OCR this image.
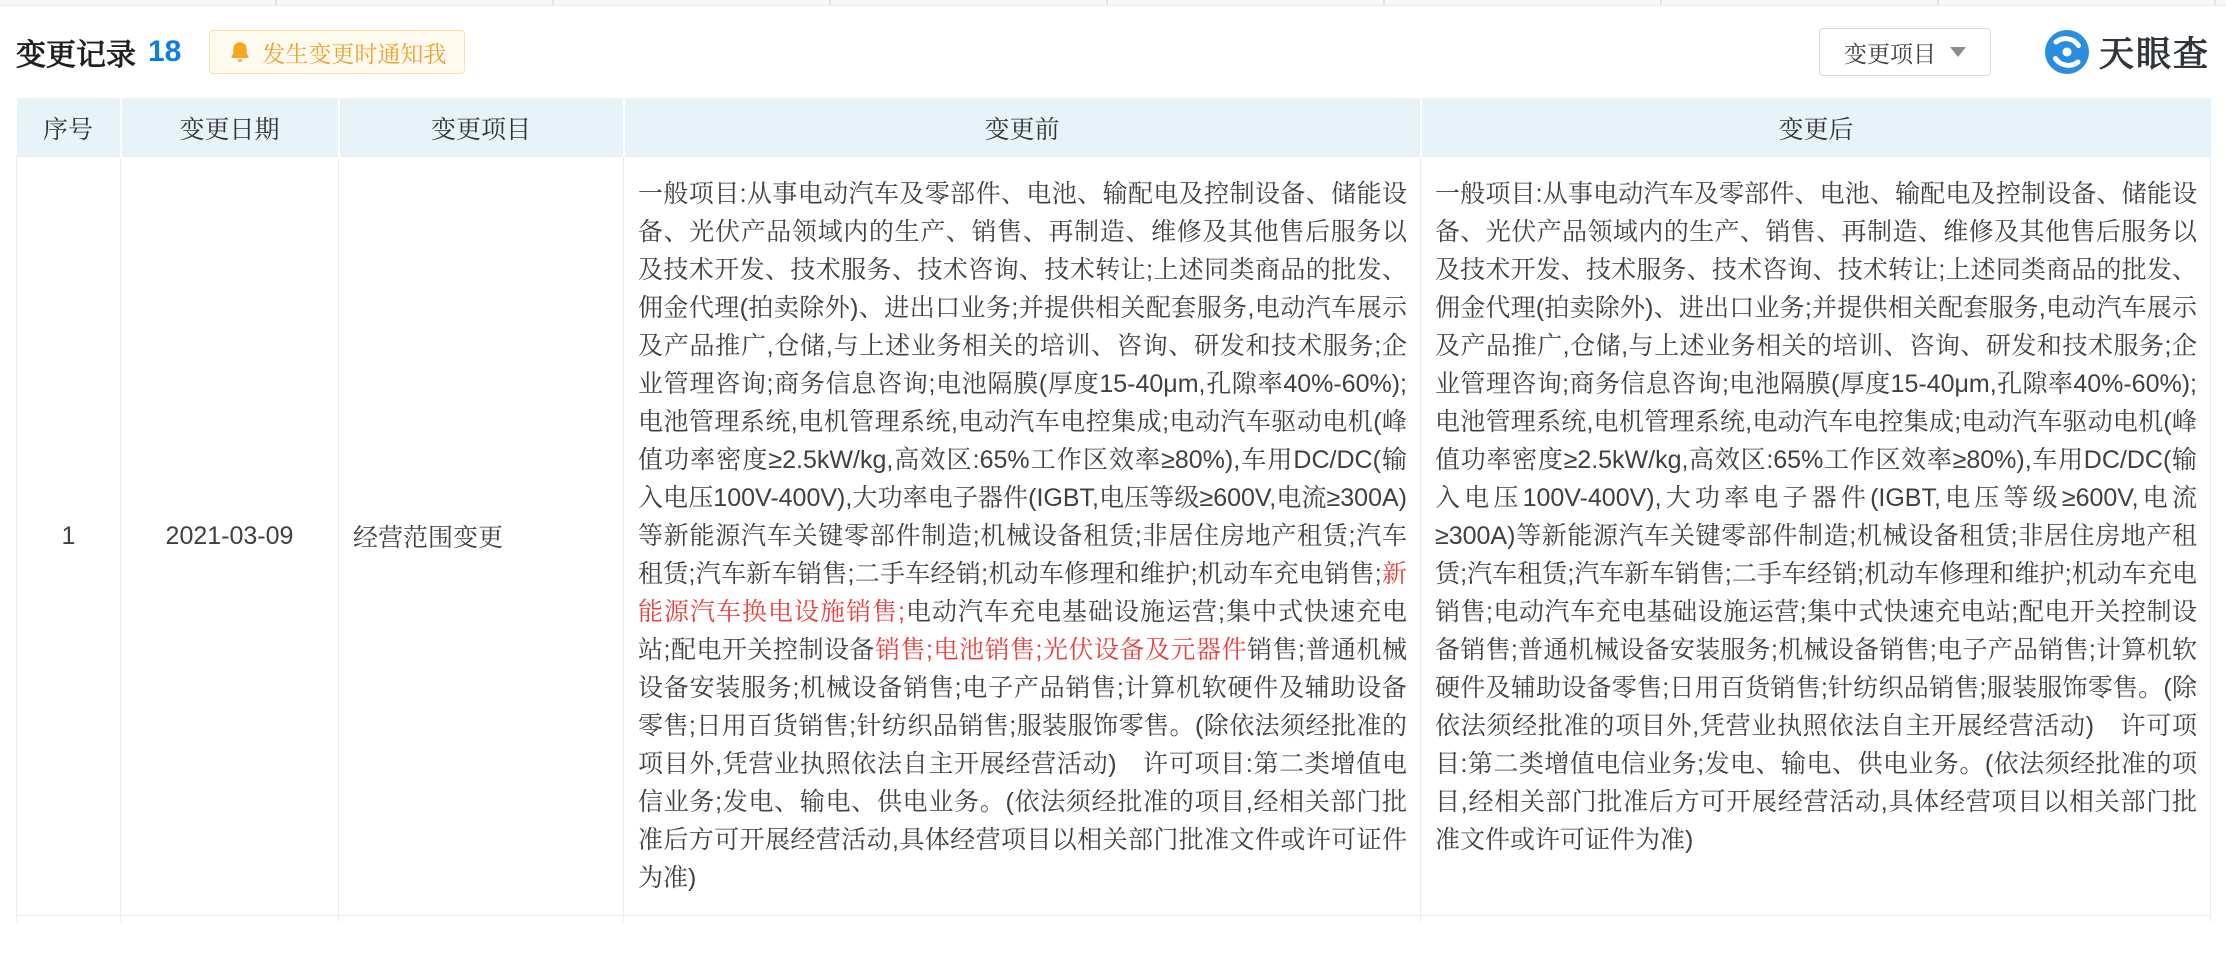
变更记录 18	发生变更时通知我	变更项目	天眼查
序号	变更日期	变更项目	变更前	变更后
1	2021-03-09	经营范围变更	一般项目:从事电动汽车及零部件、电池、输配电及控制设备、储能设备、光伏产品领域内的生产、销售、再制造、维修及其他售后服务以及技术开发、技术服务、技术咨询、技术转让;上述同类商品的批发、佣金代理(拍卖除外)、进出口业务;并提供相关配套服务,电动汽车展示及产品推广,仓储,与上述业务相关的培训、咨询、研发和技术服务;企业管理咨询;商务信息咨询;电池隔膜(厚度15-40μm,孔隙率40%-60%);电池管理系统,电机管理系统,电动汽车电控集成;电动汽车驱动电机(峰值功率密度≥2.5kW/kg,高效区:65%工作区效率≥80%),车用DC/DC(输入电压100V-400V),大功率电子器件(IGBT,电压等级≥600V,电流≥300A)等新能源汽车关键零部件制造;机械设备租赁;非居住房地产租赁;汽车租赁;汽车新车销售;二手车经销;机动车修理和维护;机动车充电销售;新能源汽车换电设施销售;电动汽车充电基础设施运营;集中式快速充电站;配电开关控制设备销售;电池销售;光伏设备及元器件销售;普通机械设备安装服务;机械设备销售;电子产品销售;计算机软硬件及辅助设备零售;日用百货销售;针纺织品销售;服装服饰零售。(除依法须经批准的项目外,凭营业执照依法自主开展经营活动)　许可项目:第二类增值电信业务;发电、输电、供电业务。(依法须经批准的项目,经相关部门批准后方可开展经营活动,具体经营项目以相关部门批准文件或许可证件为准)	一般项目:从事电动汽车及零部件、电池、输配电及控制设备、储能设备、光伏产品领域内的生产、销售、再制造、维修及其他售后服务以及技术开发、技术服务、技术咨询、技术转让;上述同类商品的批发、佣金代理(拍卖除外)、进出口业务;并提供相关配套服务,电动汽车展示及产品推广,仓储,与上述业务相关的培训、咨询、研发和技术服务;企业管理咨询;商务信息咨询;电池隔膜(厚度15-40μm,孔隙率40%-60%);电池管理系统,电机管理系统,电动汽车电控集成;电动汽车驱动电机(峰值功率密度≥2.5kW/kg,高效区:65%工作区效率≥80%),车用DC/DC(输入电压100V-400V),大功率电子器件(IGBT,电压等级≥600V,电流≥300A)等新能源汽车关键零部件制造;机械设备租赁;非居住房地产租赁;汽车租赁;汽车新车销售;二手车经销;机动车修理和维护;机动车充电销售;电动汽车充电基础设施运营;集中式快速充电站;配电开关控制设备销售;普通机械设备安装服务;机械设备销售;电子产品销售;计算机软硬件及辅助设备零售;日用百货销售;针纺织品销售;服装服饰零售。(除依法须经批准的项目外,凭营业执照依法自主开展经营活动)　许可项目:第二类增值电信业务;发电、输电、供电业务。(依法须经批准的项目,经相关部门批准后方可开展经营活动,具体经营项目以相关部门批准文件或许可证件为准)
